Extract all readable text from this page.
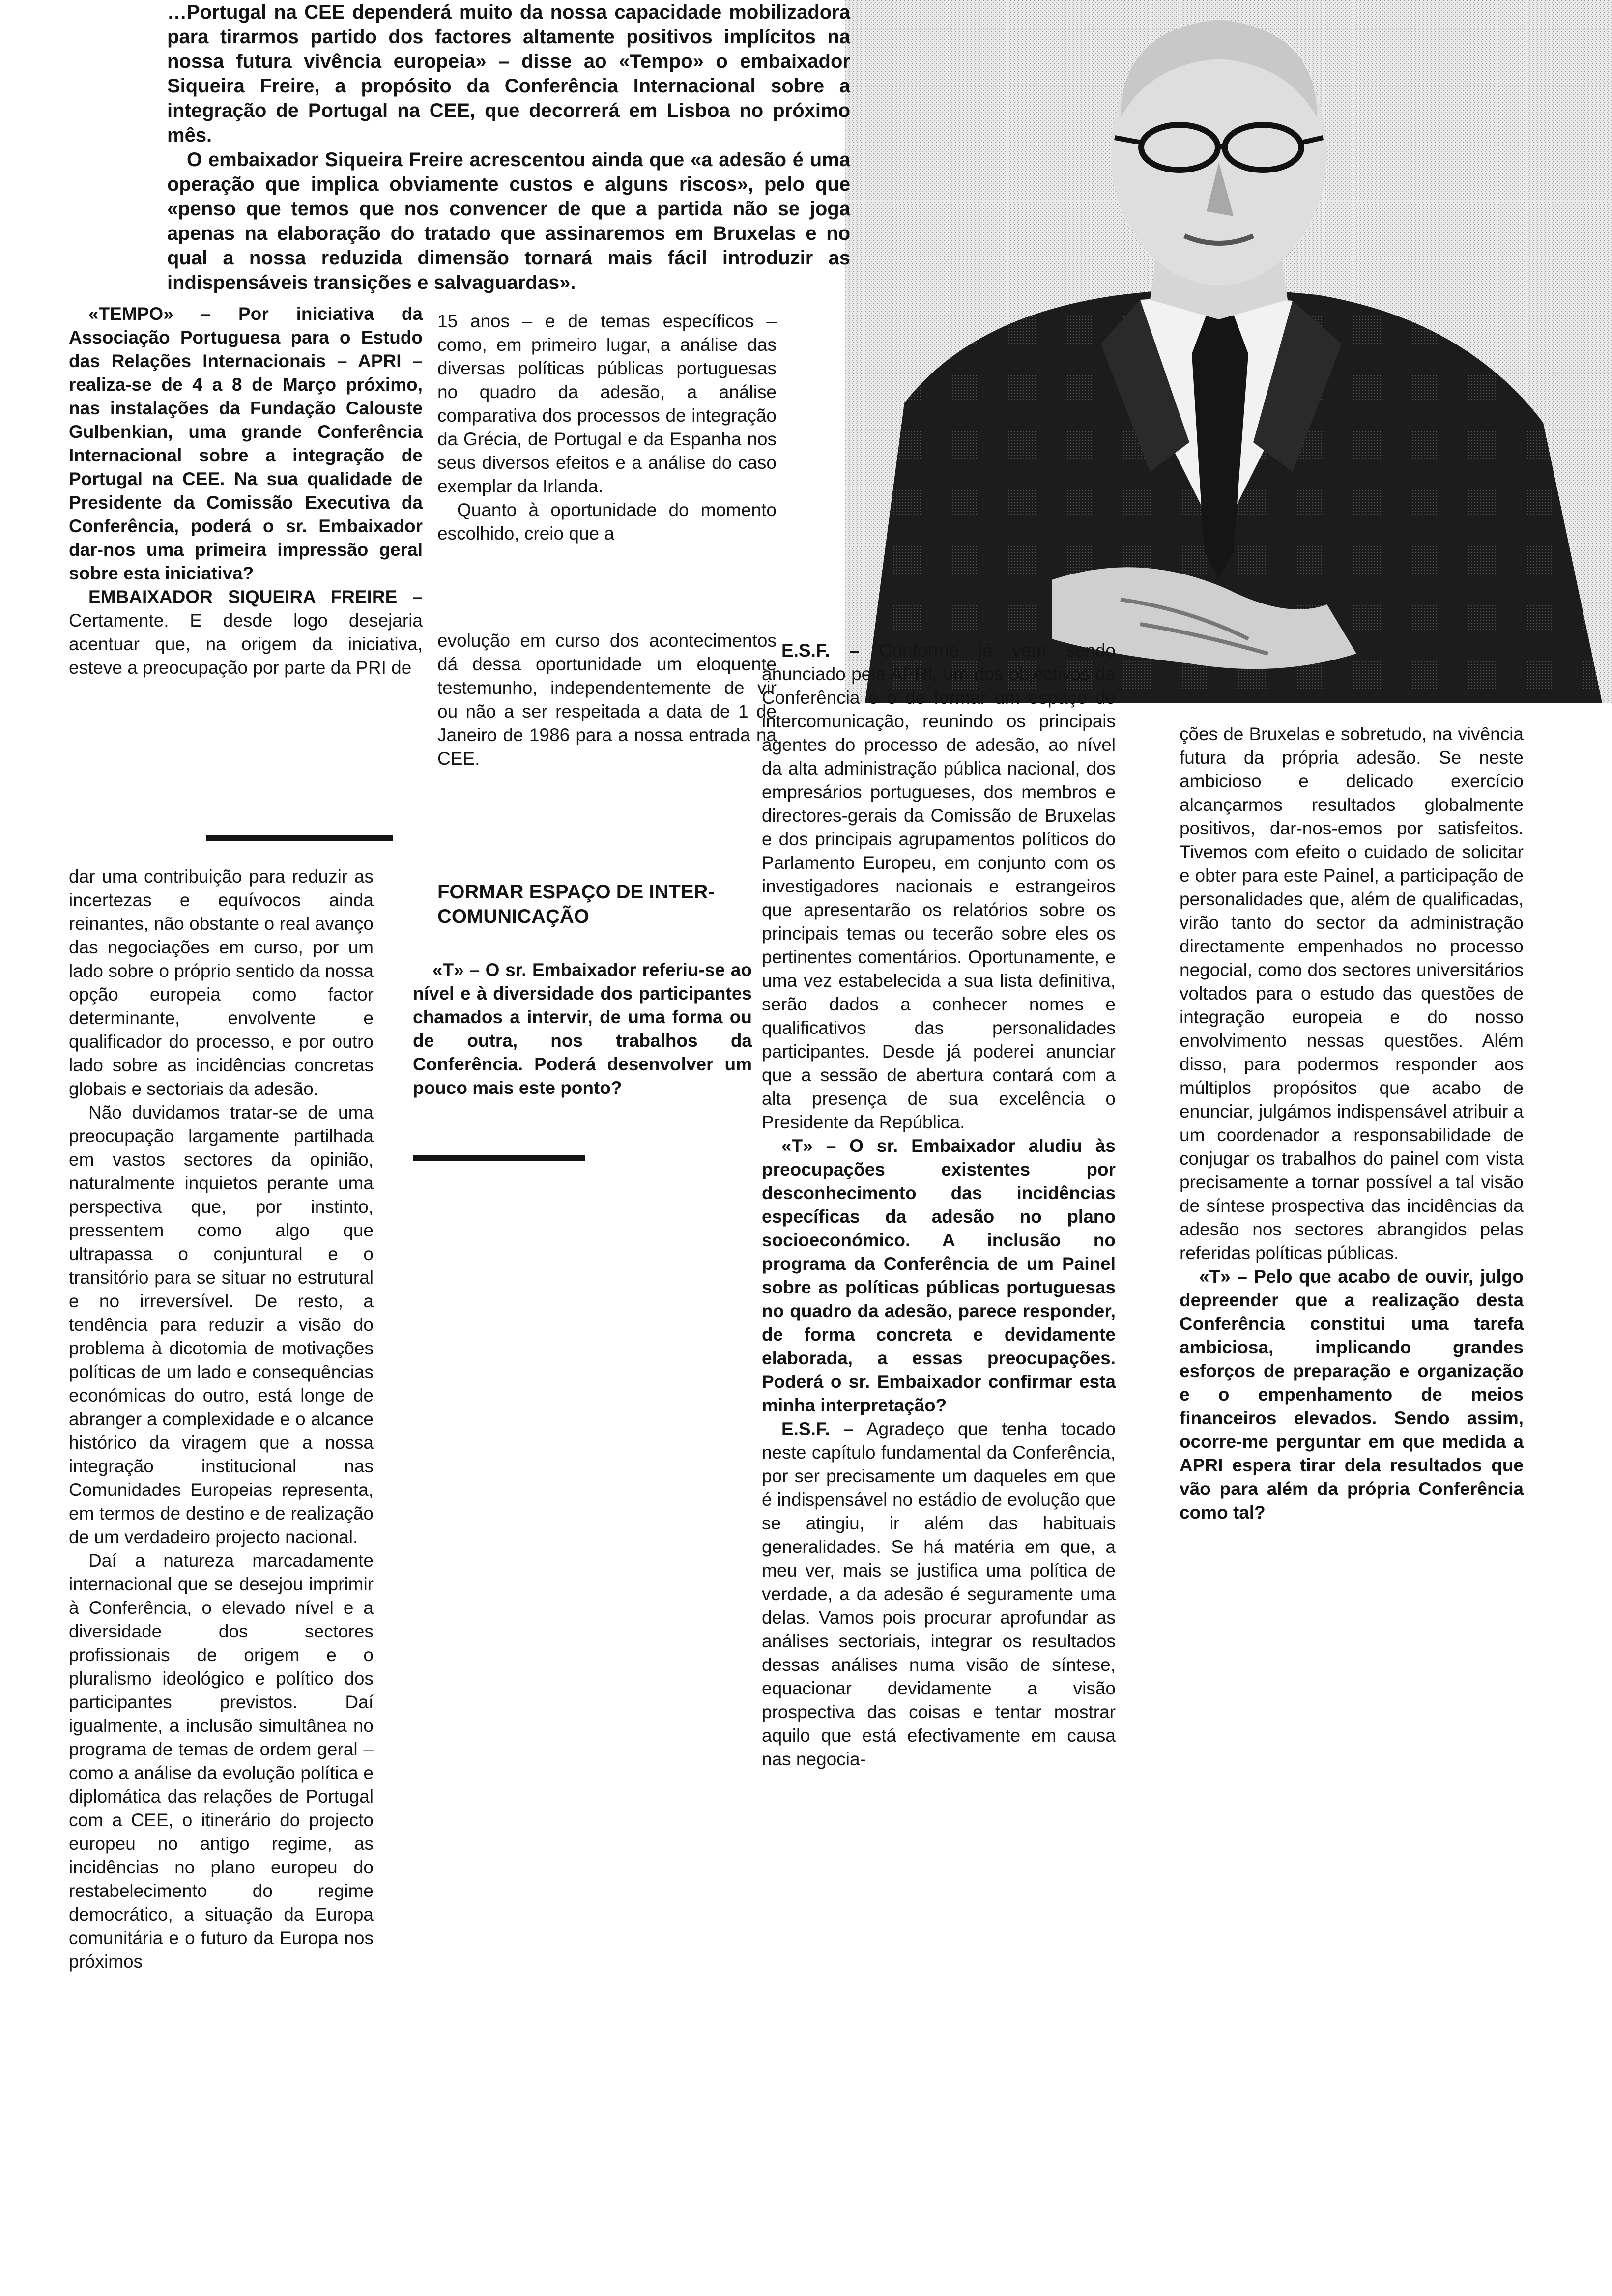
…Portugal na CEE dependerá muito da nossa capacidade mobilizadora para tirarmos partido dos factores altamente positivos implícitos na nossa futura vivência europeia» – disse ao «Tempo» o embaixador Siqueira Freire, a propósito da Conferência Internacional sobre a integração de Portugal na CEE, que decorrerá em Lisboa no próximo mês.

O embaixador Siqueira Freire acrescentou ainda que «a adesão é uma operação que implica obviamente custos e alguns riscos», pelo que «penso que temos que nos convencer de que a partida não se joga apenas na elaboração do tratado que assinaremos em Bruxelas e no qual a nossa reduzida dimensão tornará mais fácil introduzir as indispensáveis transições e salvaguardas».

«TEMPO» – Por iniciativa da Associação Portuguesa para o Estudo das Relações Internacionais – APRI – realiza-se de 4 a 8 de Março próximo, nas instalações da Fundação Calouste Gulbenkian, uma grande Conferência Internacional sobre a integração de Portugal na CEE. Na sua qualidade de Presidente da Comissão Executiva da Conferência, poderá o sr. Embaixador dar-nos uma primeira impressão geral sobre esta iniciativa?

EMBAIXADOR SIQUEIRA FREIRE – Certamente. E desde logo desejaria acentuar que, na origem da iniciativa, esteve a preocupação por parte da PRI de

dar uma contribuição para reduzir as incertezas e equívocos ainda reinantes, não obstante o real avanço das negociações em curso, por um lado sobre o próprio sentido da nossa opção europeia como factor determinante, envolvente e qualificador do processo, e por outro lado sobre as incidências concretas globais e sectoriais da adesão.

Não duvidamos tratar-se de uma preocupação largamente partilhada em vastos sectores da opinião, naturalmente inquietos perante uma perspectiva que, por instinto, pressentem como algo que ultrapassa o conjuntural e o transitório para se situar no estrutural e no irreversível. De resto, a tendência para reduzir a visão do problema à dicotomia de motivações políticas de um lado e consequências económicas do outro, está longe de abranger a complexidade e o alcance histórico da viragem que a nossa integração institucional nas Comunidades Europeias representa, em termos de destino e de realização de um verdadeiro projecto nacional.

Daí a natureza marcadamente internacional que se desejou imprimir à Conferência, o elevado nível e a diversidade dos sectores profissionais de origem e o pluralismo ideológico e político dos participantes previstos. Daí igualmente, a inclusão simultânea no programa de temas de ordem geral – como a análise da evolução política e diplomática das relações de Portugal com a CEE, o itinerário do projecto europeu no antigo regime, as incidências no plano europeu do restabelecimento do regime democrático, a situação da Europa comunitária e o futuro da Europa nos próximos

15 anos – e de temas específicos – como, em primeiro lugar, a análise das diversas políticas públicas portuguesas no quadro da adesão, a análise comparativa dos processos de integração da Grécia, de Portugal e da Espanha nos seus diversos efeitos e a análise do caso exemplar da Irlanda.

Quanto à oportunidade do momento escolhido, creio que a

evolução em curso dos acontecimentos dá dessa oportunidade um eloquente testemunho, independentemente de vir ou não a ser respeitada a data de 1 de Janeiro de 1986 para a nossa entrada na CEE.

FORMAR ESPAÇO DE INTER-COMUNICAÇÃO

«T» – O sr. Embaixador referiu-se ao nível e à diversidade dos participantes chamados a intervir, de uma forma ou de outra, nos trabalhos da Conferência. Poderá desenvolver um pouco mais este ponto?

E.S.F. – Conforme já vem sendo anunciado pela APRI, um dos objectivos da Conferência é o de formar um espaço de intercomunicação, reunindo os principais agentes do processo de adesão, ao nível da alta administração pública nacional, dos empresários portugueses, dos membros e directores-gerais da Comissão de Bruxelas e dos principais agrupamentos políticos do Parlamento Europeu, em conjunto com os investigadores nacionais e estrangeiros que apresentarão os relatórios sobre os principais temas ou tecerão sobre eles os pertinentes comentários. Oportunamente, e uma vez estabelecida a sua lista definitiva, serão dados a conhecer nomes e qualificativos das personalidades participantes. Desde já poderei anunciar que a sessão de abertura contará com a alta presença de sua excelência o Presidente da República.

«T» – O sr. Embaixador aludiu às preocupações existentes por desconhecimento das incidências específicas da adesão no plano socioeconómico. A inclusão no programa da Conferência de um Painel sobre as políticas públicas portuguesas no quadro da adesão, parece responder, de forma concreta e devidamente elaborada, a essas preocupações. Poderá o sr. Embaixador confirmar esta minha interpretação?

E.S.F. – Agradeço que tenha tocado neste capítulo fundamental da Conferência, por ser precisamente um daqueles em que é indispensável no estádio de evolução que se atingiu, ir além das habituais generalidades. Se há matéria em que, a meu ver, mais se justifica uma política de verdade, a da adesão é seguramente uma delas. Vamos pois procurar aprofundar as análises sectoriais, integrar os resultados dessas análises numa visão de síntese, equacionar devidamente a visão prospectiva das coisas e tentar mostrar aquilo que está efectivamente em causa nas negocia-

ções de Bruxelas e sobretudo, na vivência futura da própria adesão. Se neste ambicioso e delicado exercício alcançarmos resultados globalmente positivos, dar-nos-emos por satisfeitos. Tivemos com efeito o cuidado de solicitar e obter para este Painel, a participação de personalidades que, além de qualificadas, virão tanto do sector da administração directamente empenhados no processo negocial, como dos sectores universitários voltados para o estudo das questões de integração europeia e do nosso envolvimento nessas questões. Além disso, para podermos responder aos múltiplos propósitos que acabo de enunciar, julgámos indispensável atribuir a um coordenador a responsabilidade de conjugar os trabalhos do painel com vista precisamente a tornar possível a tal visão de síntese prospectiva das incidências da adesão nos sectores abrangidos pelas referidas políticas públicas.

«T» – Pelo que acabo de ouvir, julgo depreender que a realização desta Conferência constitui uma tarefa ambiciosa, implicando grandes esforços de preparação e organização e o empenhamento de meios financeiros elevados. Sendo assim, ocorre-me perguntar em que medida a APRI espera tirar dela resultados que vão para além da própria Conferência como tal?
